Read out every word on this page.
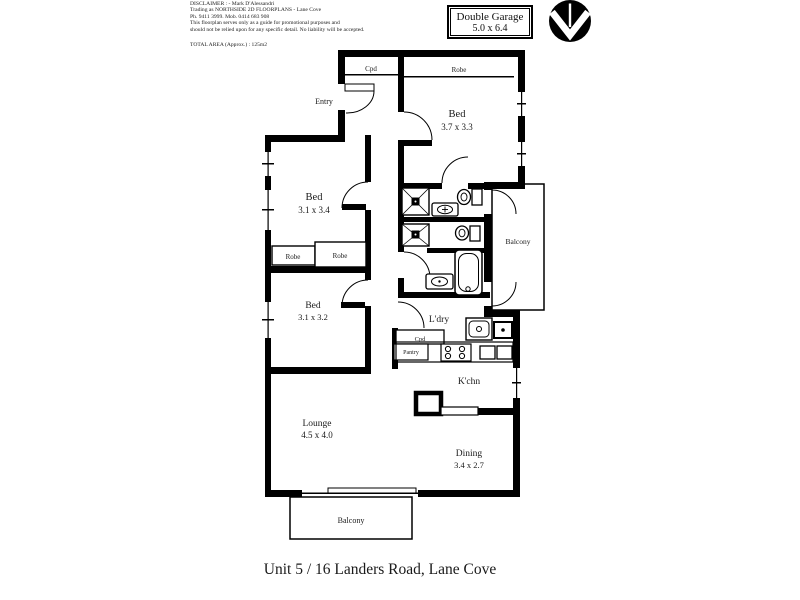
DISCLAIMER : - Mark D'Alessandri
Trading as NORTHSIDE 2D FLOORPLANS - Lane Cove
Ph. 9411 3999. Mob. 0414 683 908
This floorplan serves only as a guide for promotional purposes and
should not be relied upon for any specific detail. No liability will be accepted.
TOTAL AREA (Approx.) : 125m2
Double Garage
5.0 x 6.4
Entry
Cpd	Robe
Bed
3.7 x 3.3
Bed
3.1 x 3.4
Robe	Robe
Bed
3.1 x 3.2
Balcony
L'dry
Cpd
Pantry
K'chn
Lounge
4.5 x 4.0
Dining
3.4 x 2.7
Balcony
Unit 5 / 16 Landers Road, Lane Cove
